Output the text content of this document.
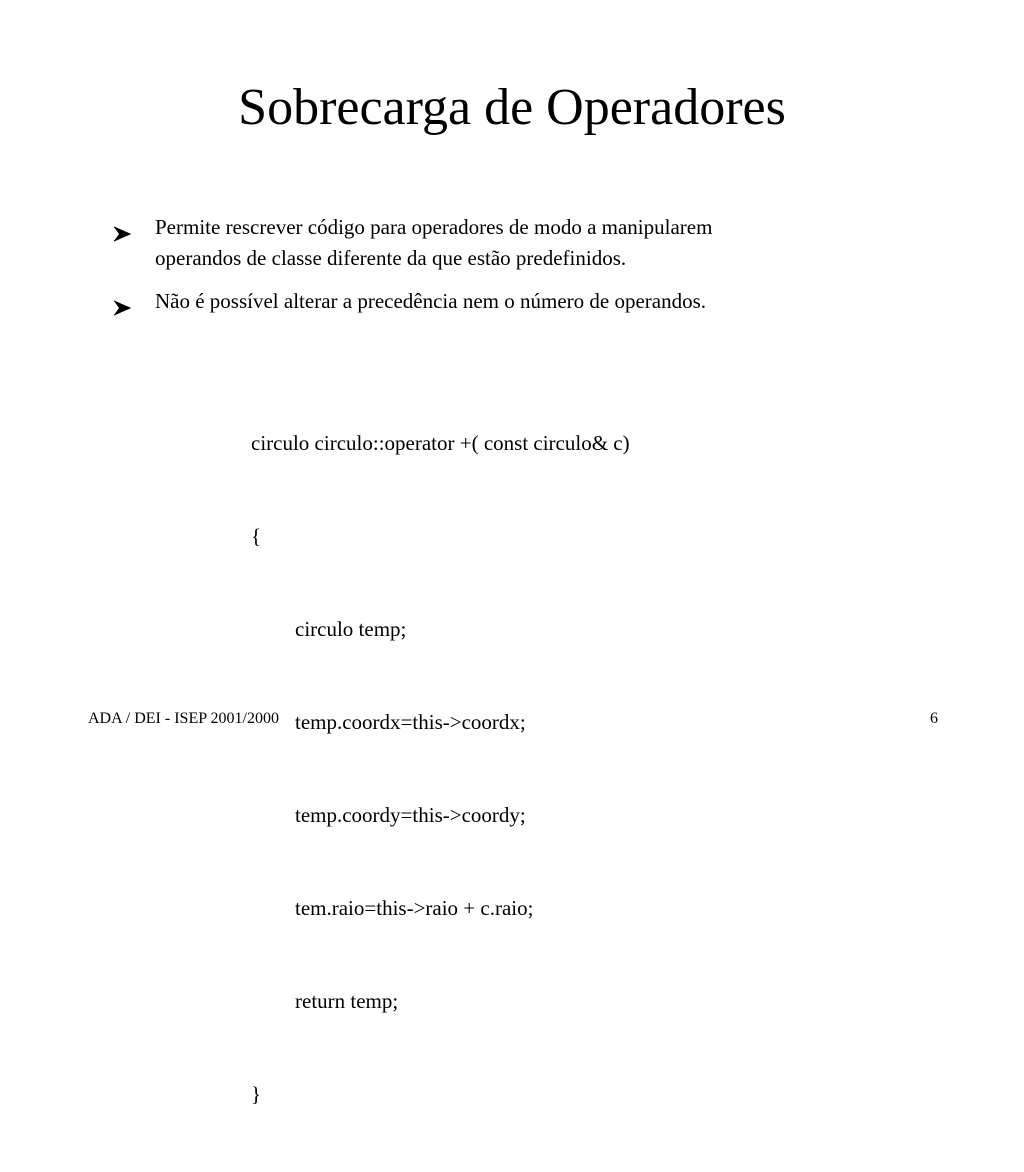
Sobrecarga de Operadores
Permite rescrever código para operadores de modo a manipularem
operandos de classe diferente da que estão predefinidos.
Não é possível alterar a precedência nem o número de operandos.

circulo circulo::operator +( const circulo& c)

{

circulo temp;

temp.coordx=this->coordx;

temp.coordy=this->coordy;

tem.raio=this->raio + c.raio;

return temp;

}

ADA / DEI - ISEP 2001/2000	6
